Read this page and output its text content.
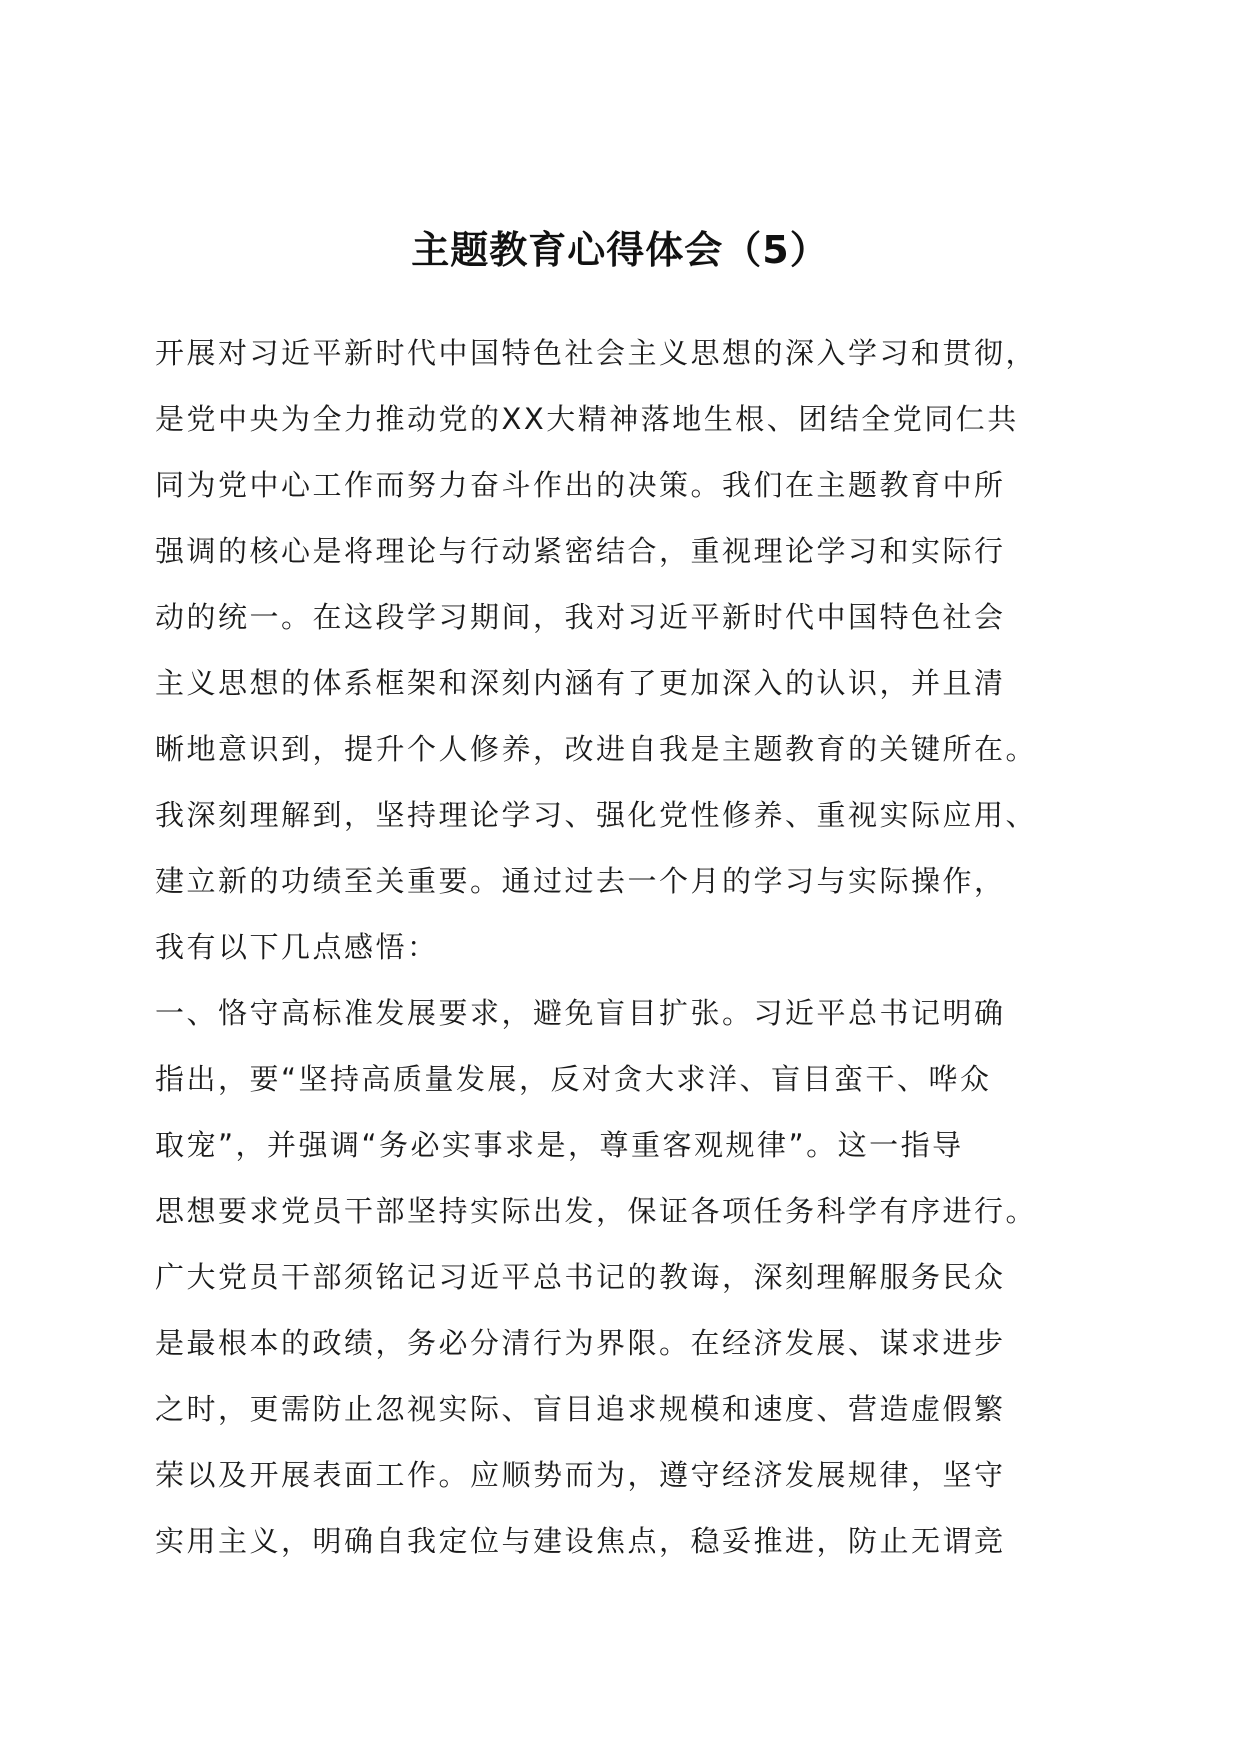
主题教育心得体会（5）
开展对习近平新时代中国特色社会主义思想的深入学习和贯彻，
是党中央为全力推动党的XX大精神落地生根、团结全党同仁共
同为党中心工作而努力奋斗作出的决策。我们在主题教育中所
强调的核心是将理论与行动紧密结合，重视理论学习和实际行
动的统一。在这段学习期间，我对习近平新时代中国特色社会
主义思想的体系框架和深刻内涵有了更加深入的认识，并且清
晰地意识到，提升个人修养，改进自我是主题教育的关键所在。
我深刻理解到，坚持理论学习、强化党性修养、重视实际应用、
建立新的功绩至关重要。通过过去一个月的学习与实际操作，
我有以下几点感悟：
一、恪守高标准发展要求，避免盲目扩张。习近平总书记明确
指出，要“坚持高质量发展，反对贪大求洋、盲目蛮干、哗众
取宠”，并强调“务必实事求是，尊重客观规律”。这一指导
思想要求党员干部坚持实际出发，保证各项任务科学有序进行。
广大党员干部须铭记习近平总书记的教诲，深刻理解服务民众
是最根本的政绩，务必分清行为界限。在经济发展、谋求进步
之时，更需防止忽视实际、盲目追求规模和速度、营造虚假繁
荣以及开展表面工作。应顺势而为，遵守经济发展规律，坚守
实用主义，明确自我定位与建设焦点，稳妥推进，防止无谓竞
